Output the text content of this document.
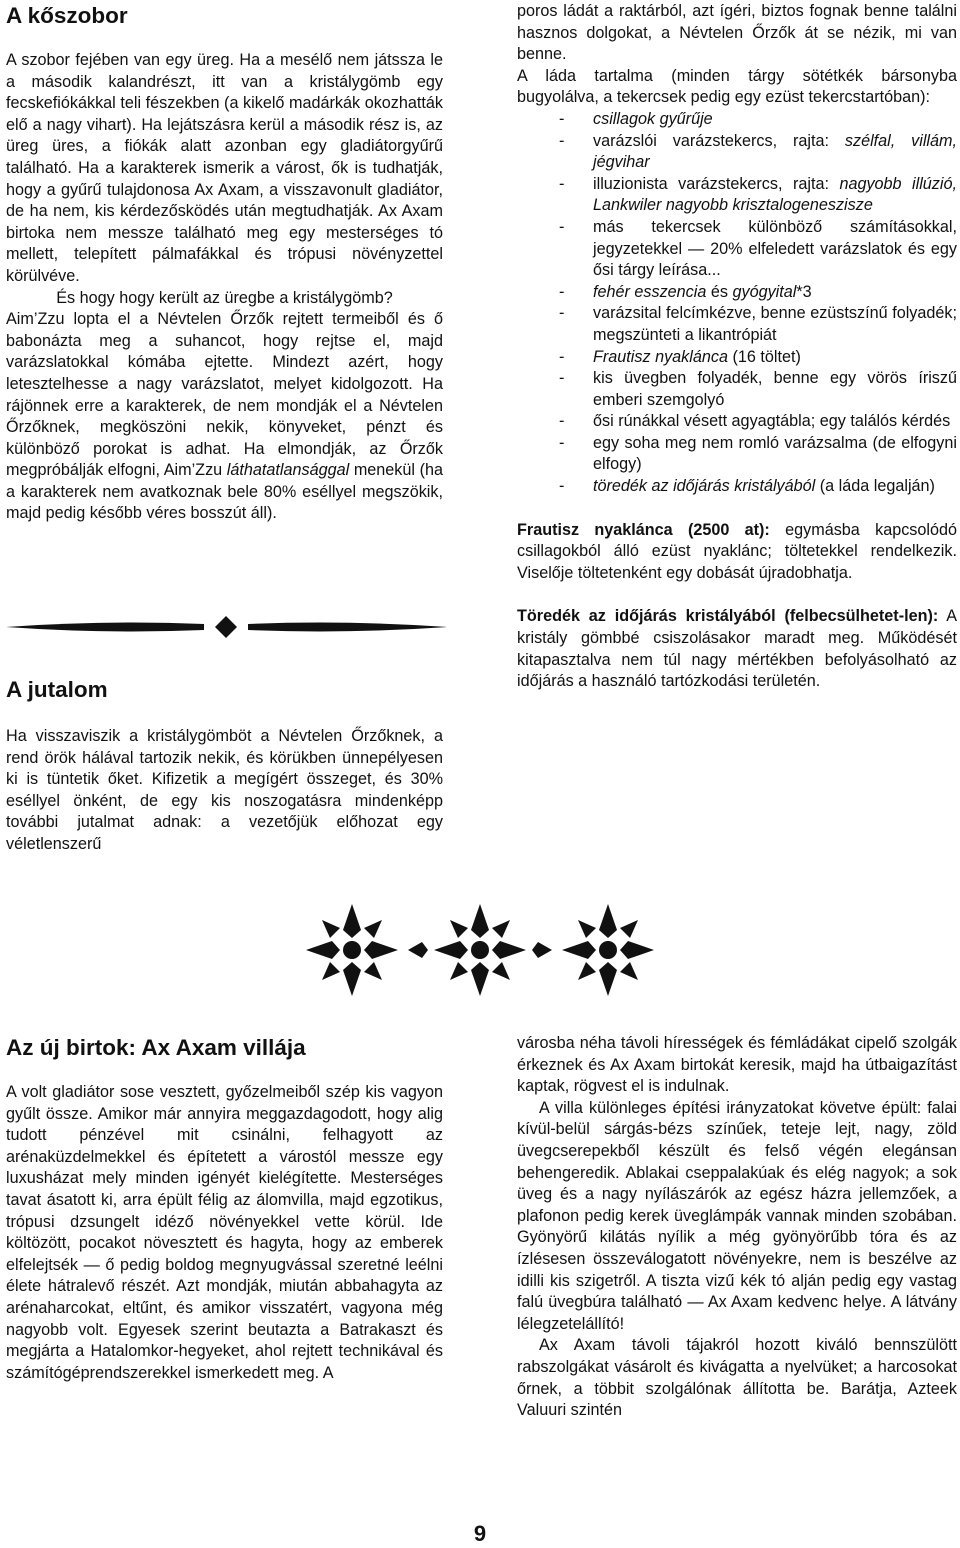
A kőszobor

A szobor fejében van egy üreg. Ha a mesélő nem játssza le a második kalandrészt, itt van a kristálygömb egy fecskefiókákkal teli fészekben (a kikelő madárkák okozhatták elő a nagy vihart). Ha lejátszásra kerül a második rész is, az üreg üres, a fiókák alatt azonban egy gladiátorgyűrű található. Ha a karakterek ismerik a várost, ők is tudhatják, hogy a gyűrű tulajdonosa Ax Axam, a visszavonult gladiátor, de ha nem, kis kérdezősködés után megtudhatják. Ax Axam birtoka nem messze található meg egy mesterséges tó mellett, telepített pálmafákkal és trópusi növényzettel körülvéve.

És hogy hogy került az üregbe a kristálygömb?

Aim’Zzu lopta el a Névtelen Őrzők rejtett termeiből és ő babonázta meg a suhancot, hogy rejtse el, majd varázslatokkal kómába ejtette. Mindezt azért, hogy letesztelhesse a nagy varázslatot, melyet kidolgozott. Ha rájönnek erre a karakterek, de nem mondják el a Névtelen Őrzőknek, megköszöni nekik, könyveket, pénzt és különböző porokat is adhat. Ha elmondják, az Őrzők megpróbálják elfogni, Aim’Zzu láthatatlansággal menekül (ha a karakterek nem avatkoznak bele 80% eséllyel megszökik, majd pedig később véres bosszút áll).

A jutalom

Ha visszaviszik a kristálygömböt a Névtelen Őrzőknek, a rend örök hálával tartozik nekik, és körükben ünnepélyesen ki is tüntetik őket. Kifizetik a megígért összeget, és 30% eséllyel önként, de egy kis noszogatásra mindenképp további jutalmat adnak: a vezetőjük előhozat egy véletlenszerű

poros ládát a raktárból, azt ígéri, biztos fognak benne találni hasznos dolgokat, a Névtelen Őrzők át se nézik, mi van benne.

A láda tartalma (minden tárgy sötétkék bársonyba bugyolálva, a tekercsek pedig egy ezüst tekercstartóban):

- csillagok gyűrűje
- varázslói varázstekercs, rajta: szélfal, villám, jégvihar
- illuzionista varázstekercs, rajta: nagyobb illúzió, Lankwiler nagyobb krisztalogeneszisze
- más tekercsek különböző számításokkal, jegyzetekkel — 20% elfeledett varázslatok és egy ősi tárgy leírása...
- fehér esszencia és gyógyital*3
- varázsital felcímkézve, benne ezüstszínű folyadék; megszünteti a likantrópiát
- Frautisz nyaklánca (16 töltet)
- kis üvegben folyadék, benne egy vörös íriszű emberi szemgolyó
- ősi rúnákkal vésett agyagtábla; egy találós kérdés
- egy soha meg nem romló varázsalma (de elfogyni elfogy)
- töredék az időjárás kristályából (a láda legalján)

Frautisz nyaklánca (2500 at): egymásba kapcsolódó csillagokból álló ezüst nyaklánc; töltetekkel rendelkezik. Viselője töltetenként egy dobását újradobhatja.

Töredék az időjárás kristályából (felbecsülhetet-len): A kristály gömbbé csiszolásakor maradt meg. Működését kitapasztalva nem túl nagy mértékben befolyásolható az időjárás a használó tartózkodási területén.

Az új birtok: Ax Axam villája

A volt gladiátor sose vesztett, győzelmeiből szép kis vagyon gyűlt össze. Amikor már annyira meggazdagodott, hogy alig tudott pénzével mit csinálni, felhagyott az arénaküzdelmekkel és építetett a várostól messze egy luxusházat mely minden igényét kielégítette. Mesterséges tavat ásatott ki, arra épült félig az álomvilla, majd egzotikus, trópusi dzsungelt idéző növényekkel vette körül. Ide költözött, pocakot növesztett és hagyta, hogy az emberek elfelejtsék — ő pedig boldog megnyugvással szeretné leélni élete hátralevő részét. Azt mondják, miután abbahagyta az arénaharcokat, eltűnt, és amikor visszatért, vagyona még nagyobb volt. Egyesek szerint beutazta a Batrakaszt és megjárta a Hatalomkor-hegyeket, ahol rejtett technikával és számítógéprendszerekkel ismerkedett meg. A

városba néha távoli hírességek és fémládákat cipelő szolgák érkeznek és Ax Axam birtokát keresik, majd ha útbaigazítást kaptak, rögvest el is indulnak.

A villa különleges építési irányzatokat követve épült: falai kívül-belül sárgás-bézs színűek, teteje lejt, nagy, zöld üvegcserepekből készült és felső végén elegánsan behengeredik. Ablakai cseppalakúak és elég nagyok; a sok üveg és a nagy nyílászárók az egész házra jellemzőek, a plafonon pedig kerek üveglámpák vannak minden szobában. Gyönyörű kilátás nyílik a még gyönyörűbb tóra és az ízlésesen összeválogatott növényekre, nem is beszélve az idilli kis szigetről. A tiszta vizű kék tó alján pedig egy vastag falú üvegbúra található — Ax Axam kedvenc helye. A látvány lélegzetelállító!

Ax Axam távoli tájakról hozott kiváló bennszülött rabszolgákat vásárolt és kivágatta a nyelvüket; a harcosokat őrnek, a többit szolgálónak állította be. Barátja, Azteek Valuuri szintén

9
